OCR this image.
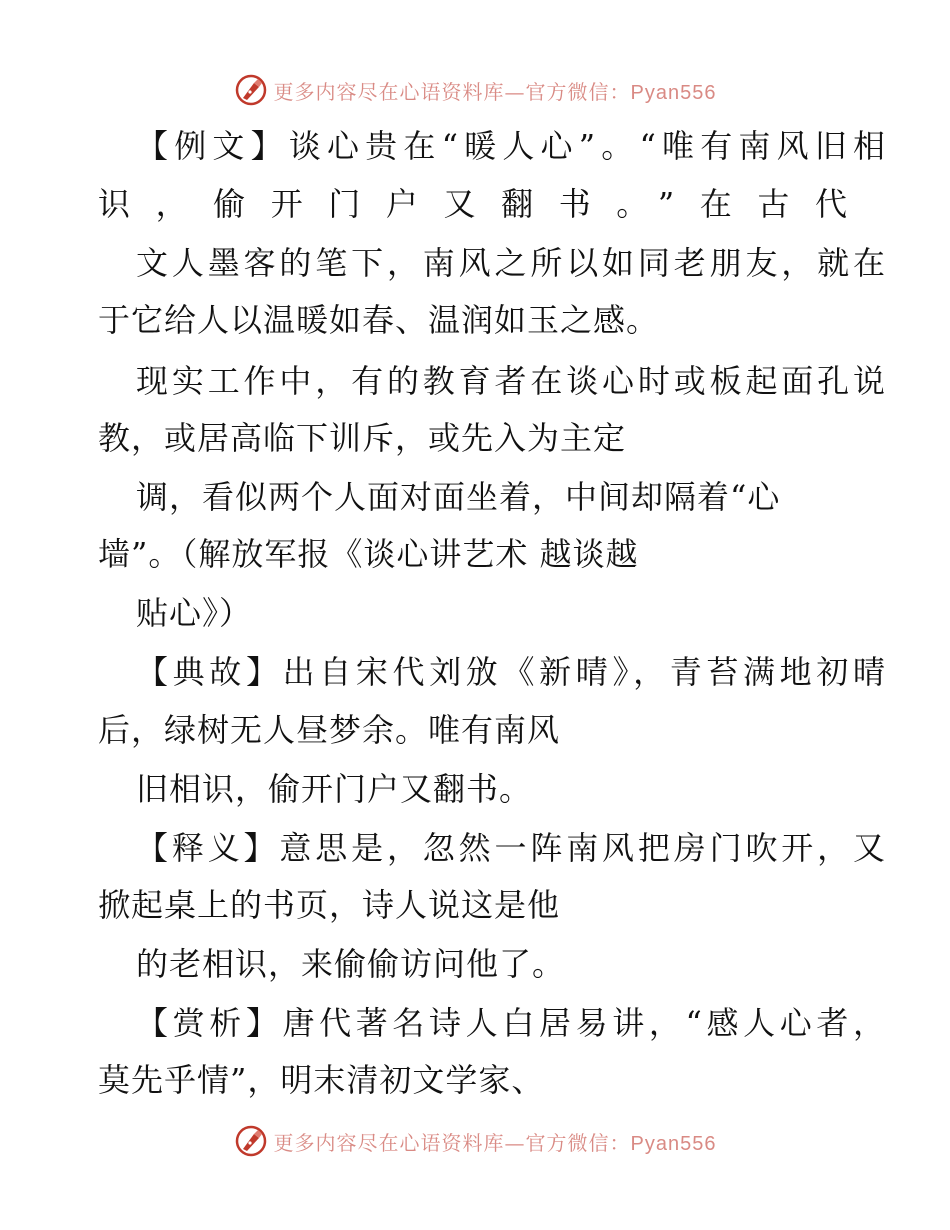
更多内容尽在心语资料库—官方微信：Pyan556
【例文】谈心贵在“暖人心”。“唯有南风旧相
识，偷开门户又翻书。”在古代
文人墨客的笔下，南风之所以如同老朋友，就在
于它给人以温暖如春、温润如玉之感。
现实工作中，有的教育者在谈心时或板起面孔说
教，或居高临下训斥，或先入为主定
调，看似两个人面对面坐着，中间却隔着“心
墙”。（解放军报《谈心讲艺术 越谈越
贴心》）
【典故】出自宋代刘攽《新晴》，青苔满地初晴
后，绿树无人昼梦余。唯有南风
旧相识，偷开门户又翻书。
【释义】意思是，忽然一阵南风把房门吹开，又
掀起桌上的书页，诗人说这是他
的老相识，来偷偷访问他了。
【赏析】唐代著名诗人白居易讲，“感人心者，
莫先乎情”，明末清初文学家、
更多内容尽在心语资料库—官方微信：Pyan556
